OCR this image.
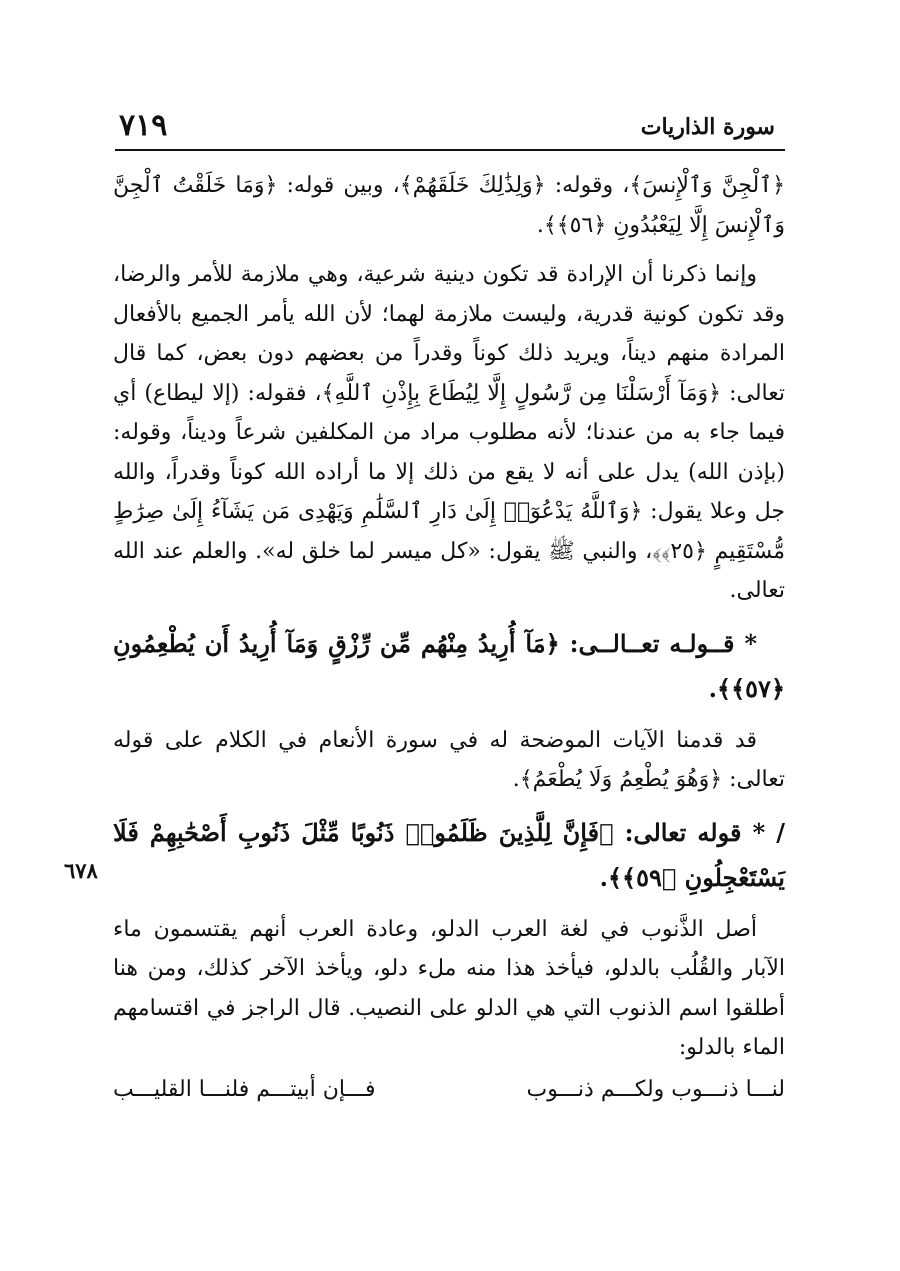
سورة الذاريات
٧١٩
٦٧٨

﴿ٱلْجِنَّ وَٱلْإِنسَ﴾، وقوله: ﴿وَلِذَٰلِكَ خَلَقَهُمْ﴾، وبين قوله: ﴿وَمَا خَلَقْتُ ٱلْجِنَّ وَٱلْإِنسَ إِلَّا لِيَعْبُدُونِ ﴿٥٦﴾﴾.

وإنما ذكرنا أن الإرادة قد تكون دينية شرعية، وهي ملازمة للأمر والرضا، وقد تكون كونية قدرية، وليست ملازمة لهما؛ لأن الله يأمر الجميع بالأفعال المرادة منهم ديناً، ويريد ذلك كوناً وقدراً من بعضهم دون بعض، كما قال تعالى: ﴿وَمَآ أَرْسَلْنَا مِن رَّسُولٍ إِلَّا لِيُطَاعَ بِإِذْنِ ٱللَّهِ﴾، فقوله: (إلا ليطاع) أي فيما جاء به من عندنا؛ لأنه مطلوب مراد من المكلفين شرعاً وديناً، وقوله: (بإذن الله) يدل على أنه لا يقع من ذلك إلا ما أراده الله كوناً وقدراً، والله جل وعلا يقول: ﴿وَٱللَّهُ يَدْعُوٓا۟ إِلَىٰ دَارِ ٱلسَّلَٰمِ وَيَهْدِى مَن يَشَآءُ إِلَىٰ صِرَٰطٍ مُّسْتَقِيمٍ ﴿٢٥﴾﴾، والنبي ﷺ يقول: «كل ميسر لما خلق له». والعلم عند الله تعالى.

* قــولـه تعــالــى: ﴿مَآ أُرِيدُ مِنْهُم مِّن رِّزْقٍ وَمَآ أُرِيدُ أَن يُطْعِمُونِ ﴿٥٧﴾﴾.

قد قدمنا الآيات الموضحة له في سورة الأنعام في الكلام على قوله تعالى: ﴿وَهُوَ يُطْعِمُ وَلَا يُطْعَمُ﴾.

/ * قوله تعالى: ﴿فَإِنَّ لِلَّذِينَ ظَلَمُوا۟ ذَنُوبًا مِّثْلَ ذَنُوبِ أَصْحَٰبِهِمْ فَلَا يَسْتَعْجِلُونِ ﴿٥٩﴾﴾.

أصل الذَّنوب في لغة العرب الدلو، وعادة العرب أنهم يقتسمون ماء الآبار والقُلُب بالدلو، فيأخذ هذا منه ملء دلو، ويأخذ الآخر كذلك، ومن هنا أطلقوا اسم الذنوب التي هي الدلو على النصيب. قال الراجز في اقتسامهم الماء بالدلو:

لنـــا ذنـــوب ولكـــم ذنـــوب
فـــإن أبيتـــم فلنـــا القليـــب
